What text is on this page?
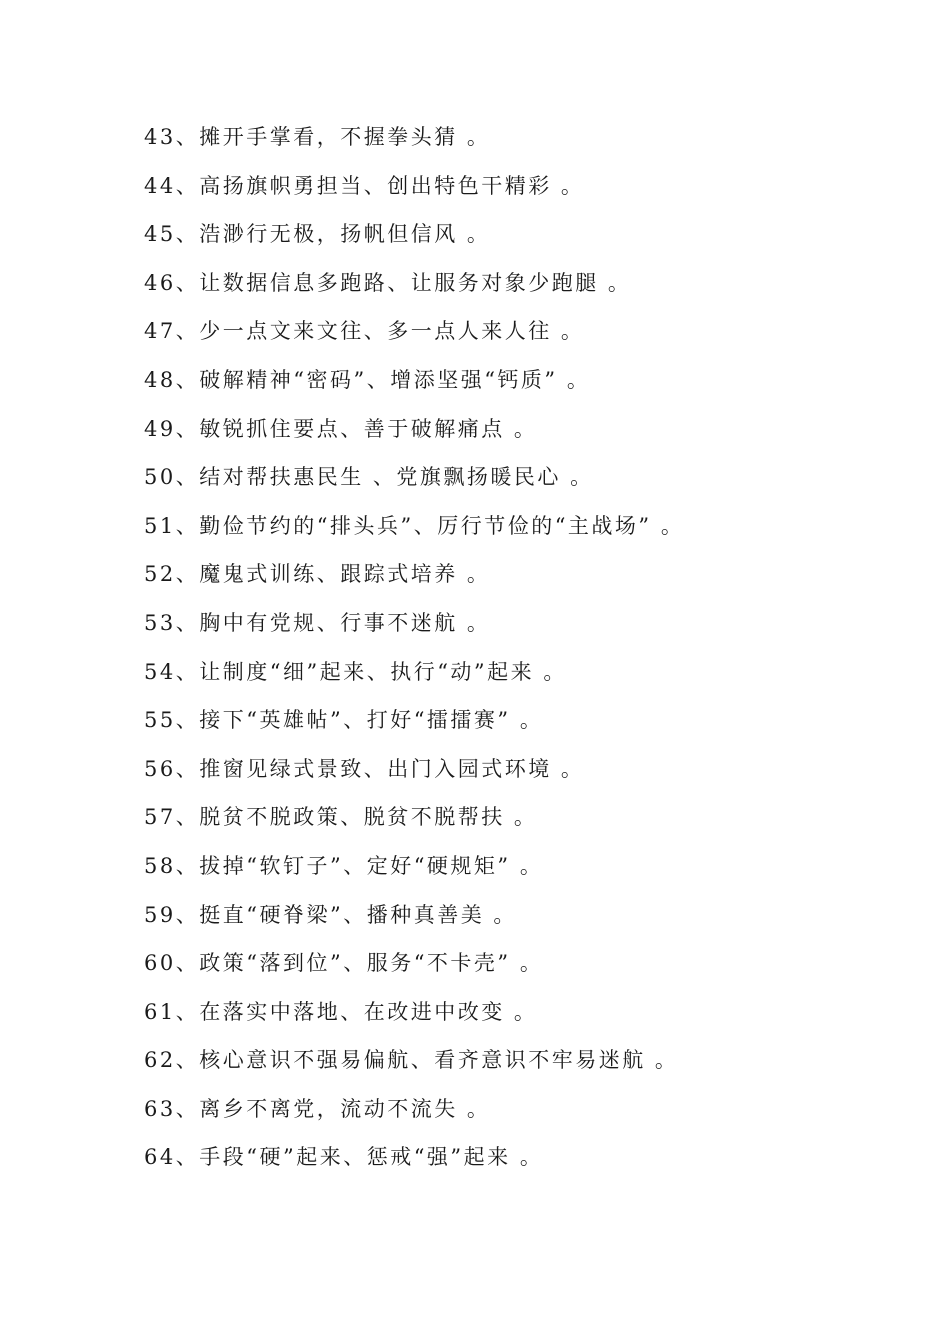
43、摊开手掌看，不握拳头猜 。
44、高扬旗帜勇担当、创出特色干精彩 。
45、浩渺行无极，扬帆但信风 。
46、让数据信息多跑路、让服务对象少跑腿 。
47、少一点文来文往、多一点人来人往 。
48、破解精神“密码”、增添坚强“钙质” 。
49、敏锐抓住要点、善于破解痛点 。
50、结对帮扶惠民生 、党旗飘扬暖民心 。
51、勤俭节约的“排头兵”、厉行节俭的“主战场” 。
52、魔鬼式训练、跟踪式培养 。
53、胸中有党规、行事不迷航 。
54、让制度“细”起来、执行“动”起来 。
55、接下“英雄帖”、打好“擂擂赛” 。
56、推窗见绿式景致、出门入园式环境 。
57、脱贫不脱政策、脱贫不脱帮扶 。
58、拔掉“软钉子”、定好“硬规矩” 。
59、挺直“硬脊梁”、播种真善美 。
60、政策“落到位”、服务“不卡壳” 。
61、在落实中落地、在改进中改变 。
62、核心意识不强易偏航、看齐意识不牢易迷航 。
63、离乡不离党，流动不流失 。
64、手段“硬”起来、惩戒“强”起来 。
